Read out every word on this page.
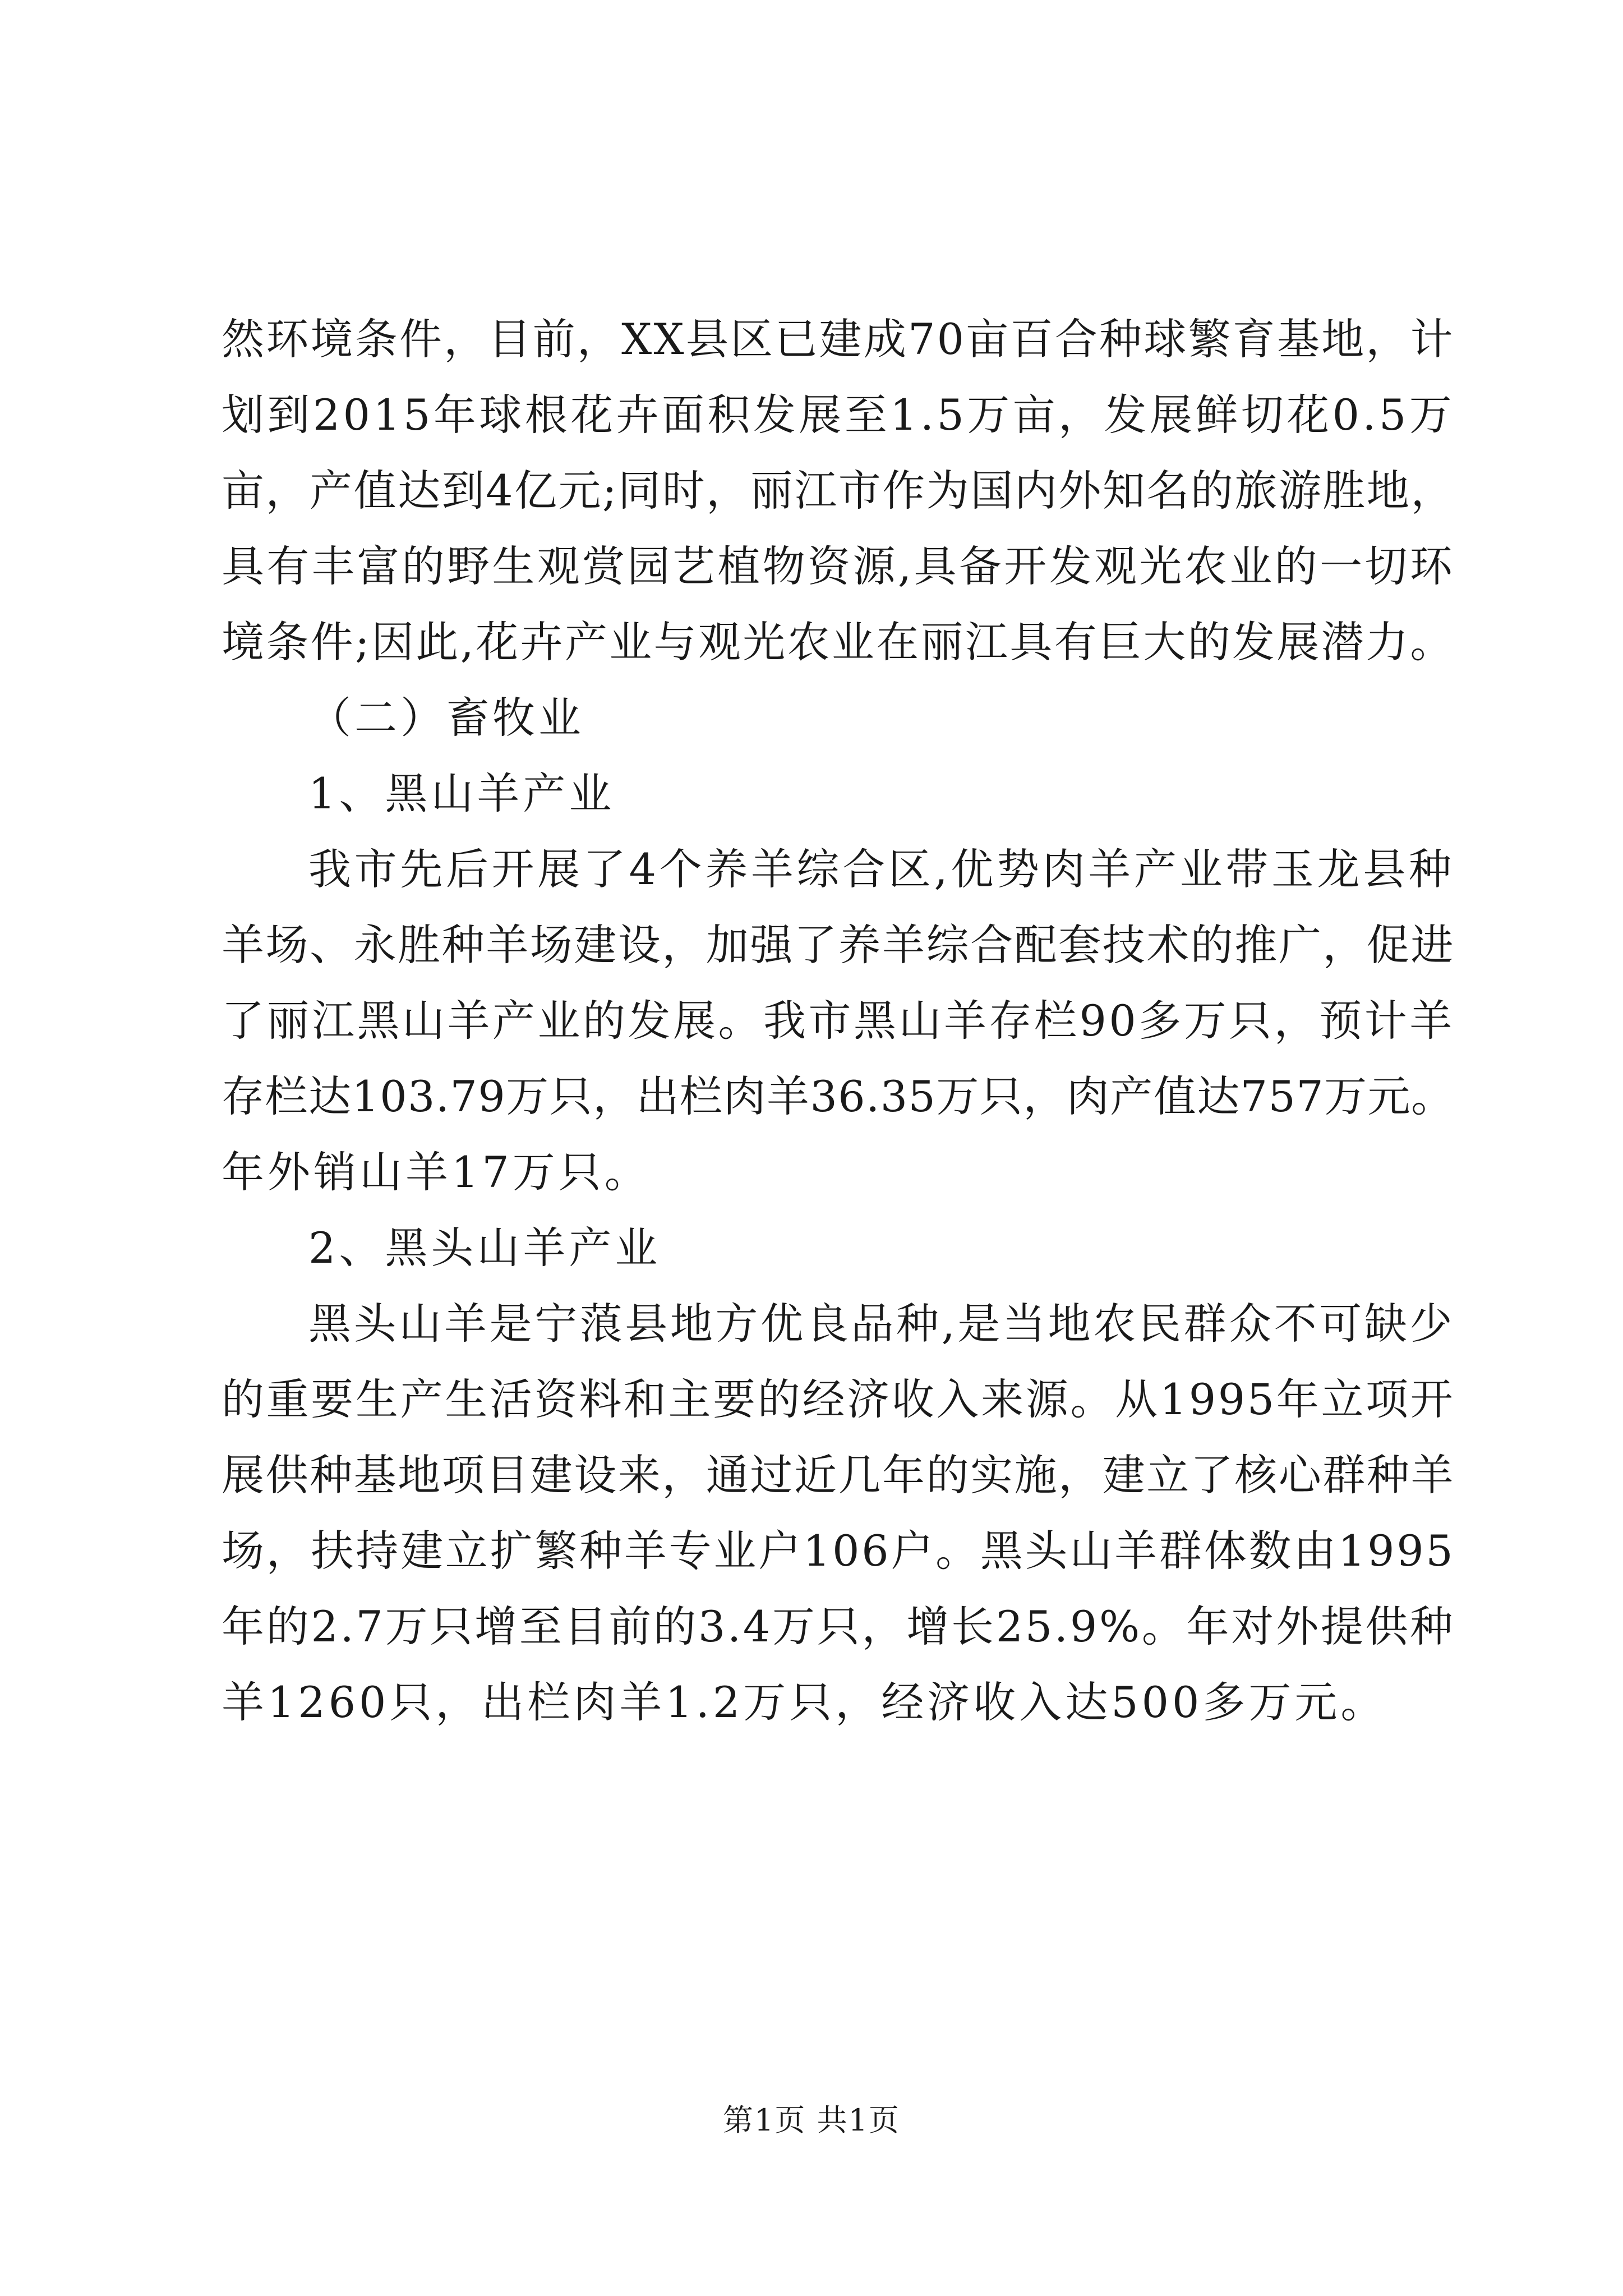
然环境条件，目前，XX县区已建成70亩百合种球繁育基地，计
划到2015年球根花卉面积发展至1.5万亩，发展鲜切花0.5万
亩，产值达到4亿元;同时，丽江市作为国内外知名的旅游胜地，
具有丰富的野生观赏园艺植物资源,具备开发观光农业的一切环
境条件;因此,花卉产业与观光农业在丽江具有巨大的发展潜力。
（二）畜牧业
1、黑山羊产业
我市先后开展了4个养羊综合区,优势肉羊产业带玉龙县种
羊场、永胜种羊场建设，加强了养羊综合配套技术的推广，促进
了丽江黑山羊产业的发展。我市黑山羊存栏90多万只，预计羊
存栏达103.79万只，出栏肉羊36.35万只，肉产值达757万元。
年外销山羊17万只。
2、黑头山羊产业
黑头山羊是宁蒗县地方优良品种,是当地农民群众不可缺少
的重要生产生活资料和主要的经济收入来源。从1995年立项开
展供种基地项目建设来，通过近几年的实施，建立了核心群种羊
场，扶持建立扩繁种羊专业户106户。黑头山羊群体数由1995
年的2.7万只增至目前的3.4万只，增长25.9%。年对外提供种
羊1260只，出栏肉羊1.2万只，经济收入达500多万元。
第1页 共1页
